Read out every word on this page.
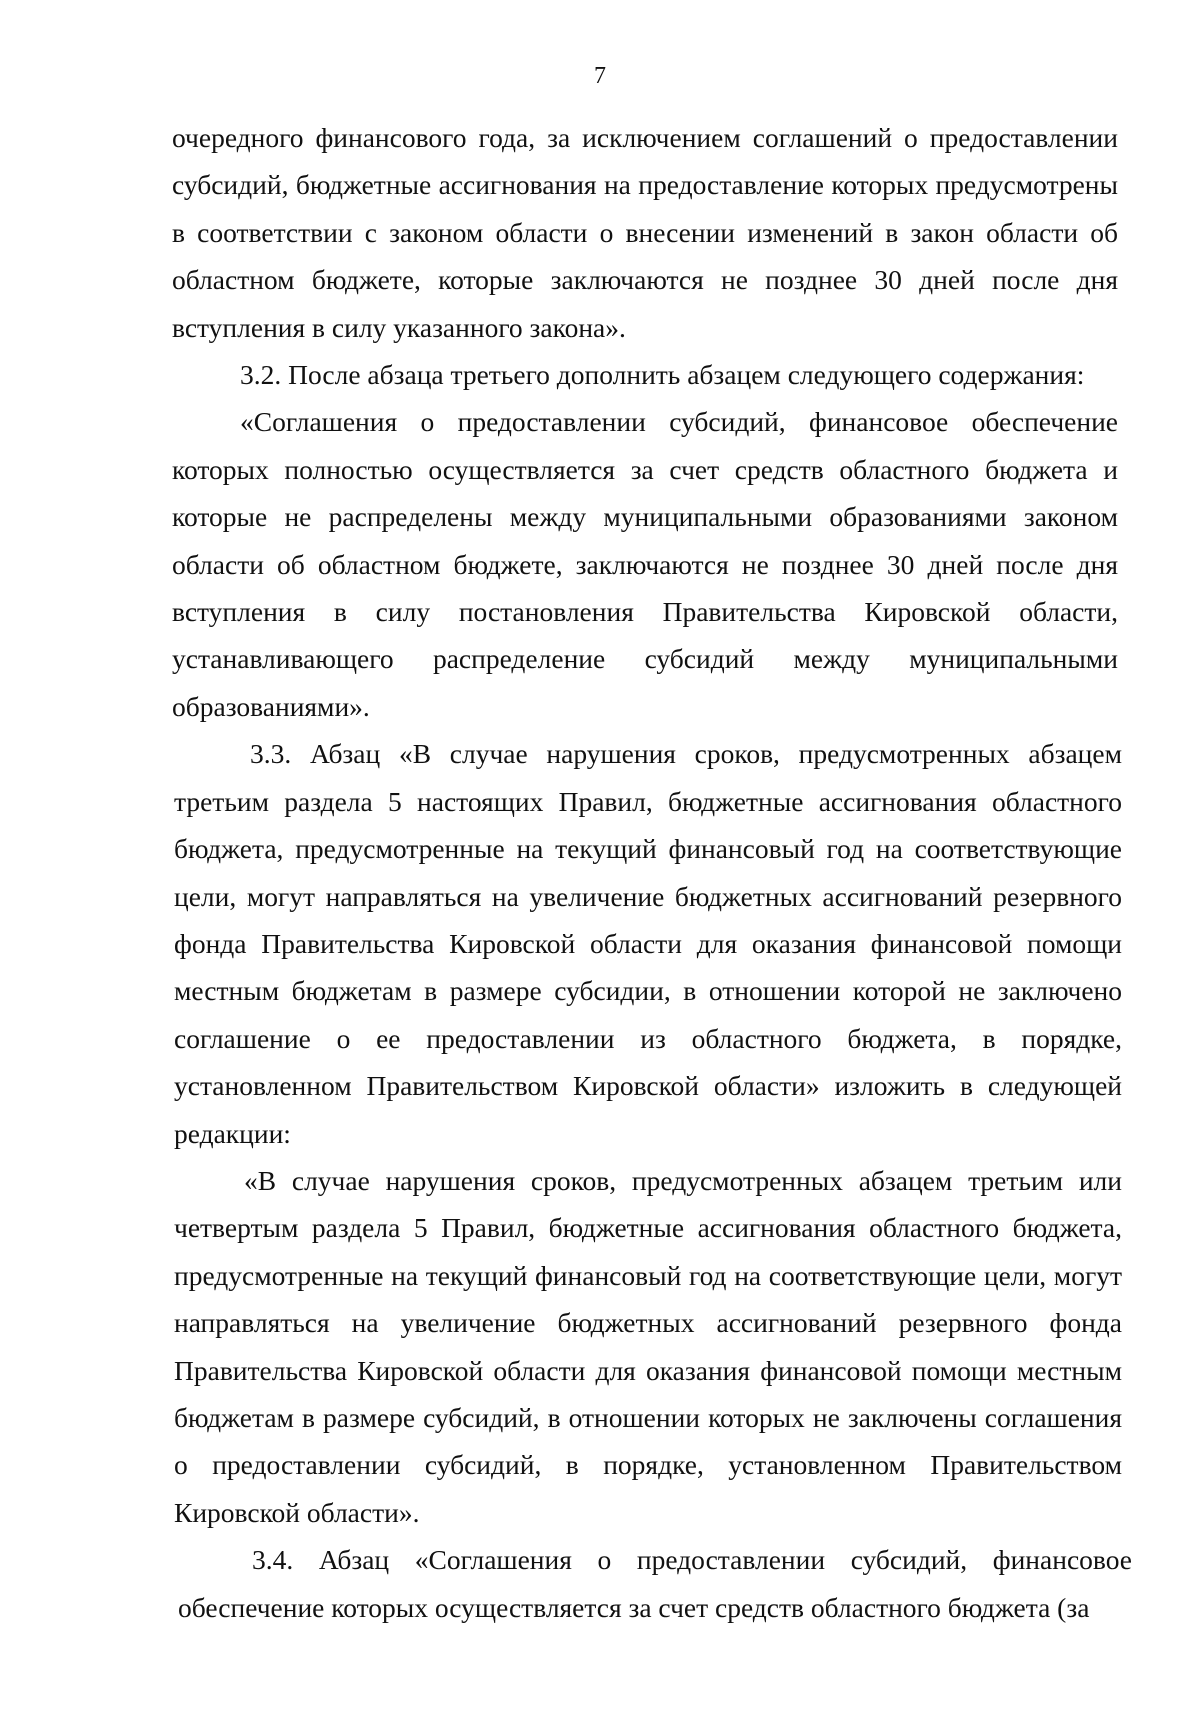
7

очередного финансового года, за исключением соглашений о предоставлении субсидий, бюджетные ассигнования на предоставление которых предусмотрены в соответствии с законом области о внесении изменений в закон области об областном бюджете, которые заключаются не позднее 30 дней после дня вступления в силу указанного закона».

3.2. После абзаца третьего дополнить абзацем следующего содержания:

«Соглашения о предоставлении субсидий, финансовое обеспечение которых полностью осуществляется за счет средств областного бюджета и которые не распределены между муниципальными образованиями законом области об областном бюджете, заключаются не позднее 30 дней после дня вступления в силу постановления Правительства Кировской области, устанавливающего распределение субсидий между муниципальными образованиями».

3.3. Абзац «В случае нарушения сроков, предусмотренных абзацем третьим раздела 5 настоящих Правил, бюджетные ассигнования областного бюджета, предусмотренные на текущий финансовый год на соответствующие цели, могут направляться на увеличение бюджетных ассигнований резервного фонда Правительства Кировской области для оказания финансовой помощи местным бюджетам в размере субсидии, в отношении которой не заключено соглашение о ее предоставлении из областного бюджета, в порядке, установленном Правительством Кировской области» изложить в следующей редакции:

«В случае нарушения сроков, предусмотренных абзацем третьим или четвертым раздела 5 Правил, бюджетные ассигнования областного бюджета, предусмотренные на текущий финансовый год на соответствующие цели, могут направляться на увеличение бюджетных ассигнований резервного фонда Правительства Кировской области для оказания финансовой помощи местным бюджетам в размере субсидий, в отношении которых не заключены соглашения о предоставлении субсидий, в порядке, установленном Правительством Кировской области».

3.4. Абзац «Соглашения о предоставлении субсидий, финансовое обеспечение которых осуществляется за счет средств областного бюджета (за
